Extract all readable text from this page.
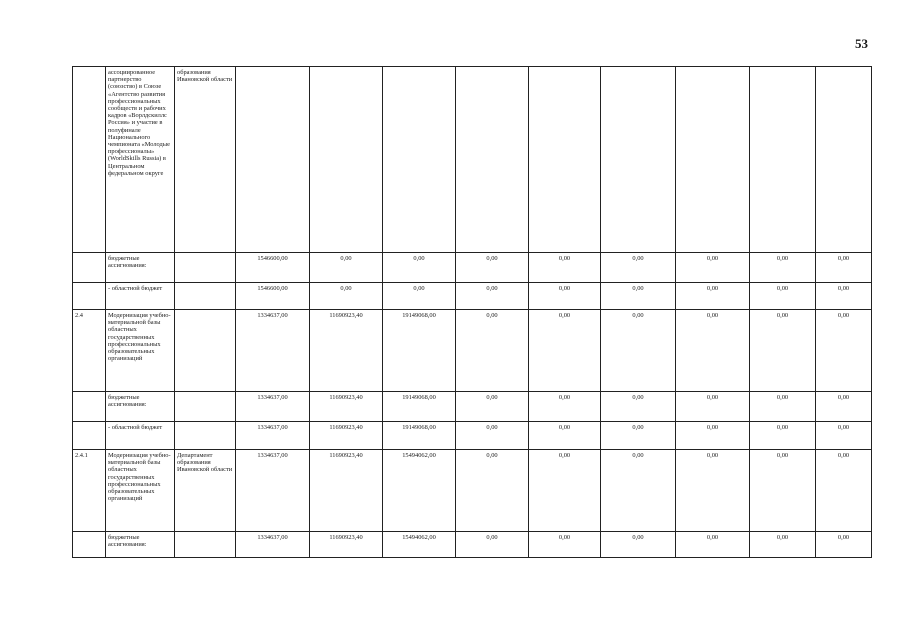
53

	ассоциированное партнерство (союзство) в Союзе «Агентство развития профессиональных сообществ и рабочих кадров «Ворлдскиллс Россия» и участие в полуфинале Национального чемпионата «Молодые профессионалы» (WorldSkills Russia) в Центральном федеральном округе	образования Ивановской области									

	бюджетные ассигнования:		1546600,00	0,00	0,00	0,00	0,00	0,00	0,00	0,00	0,00

	- областной бюджет		1546600,00	0,00	0,00	0,00	0,00	0,00	0,00	0,00	0,00
2.4	Модернизация учебно-материальной базы областных государственных профессиональных образовательных организаций		1334637,00	11690923,40	19149068,00	0,00	0,00	0,00	0,00	0,00	0,00

	бюджетные ассигнования:		1334637,00	11690923,40	19149068,00	0,00	0,00	0,00	0,00	0,00	0,00

	- областной бюджет		1334637,00	11690923,40	19149068,00	0,00	0,00	0,00	0,00	0,00	0,00
2.4.1	Модернизация учебно-материальной базы областных государственных профессиональных образовательных организаций	Департамент образования Ивановской области	1334637,00	11690923,40	15494062,00	0,00	0,00	0,00	0,00	0,00	0,00

	бюджетные ассигнования:		1334637,00	11690923,40	15494062,00	0,00	0,00	0,00	0,00	0,00	0,00
